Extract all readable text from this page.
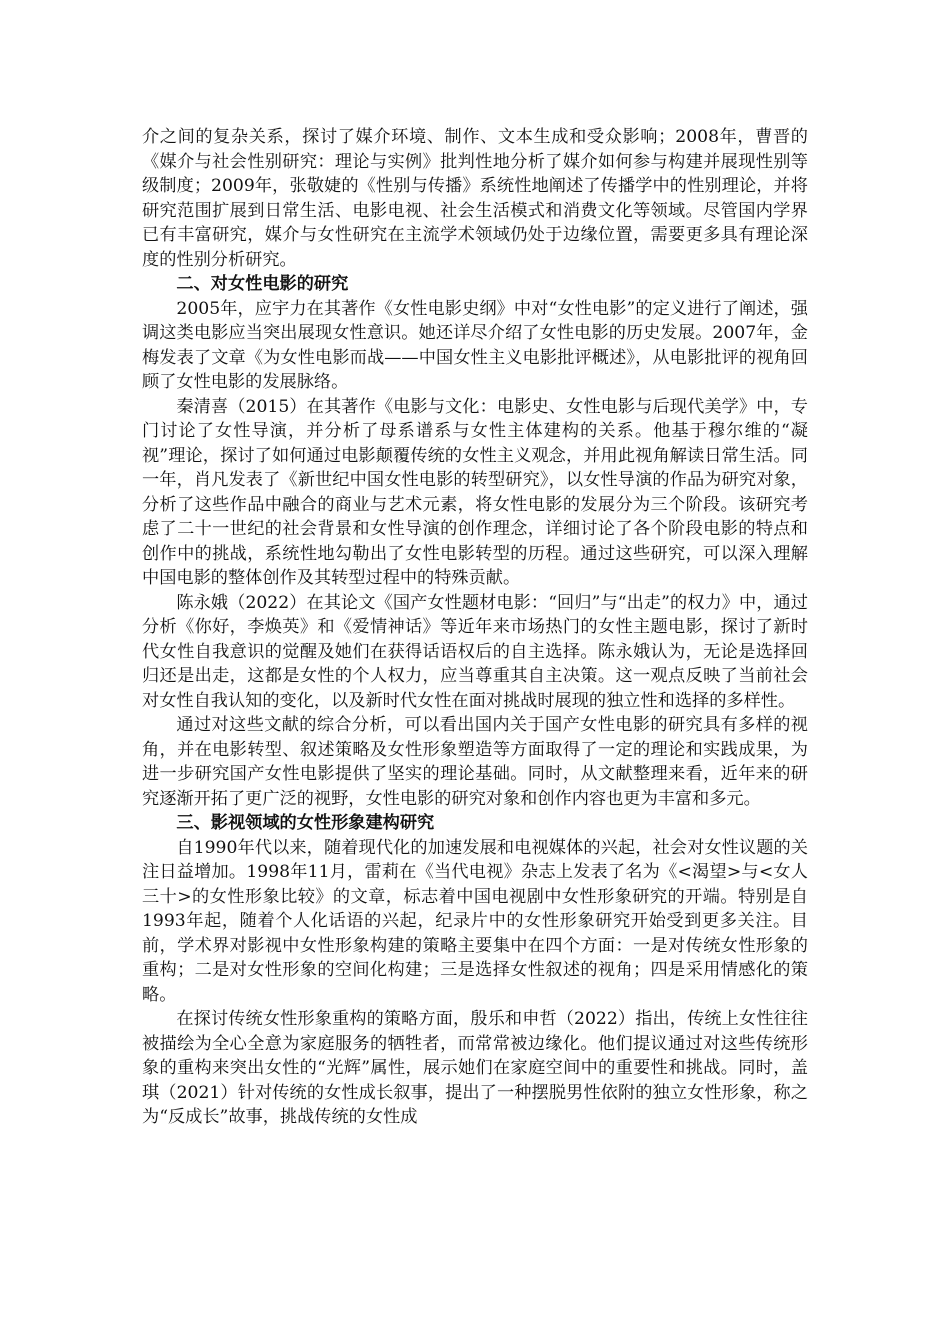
介之间的复杂关系，探讨了媒介环境、制作、文本生成和受众影响；2008年，曹晋的《媒介与社会性别研究：理论与实例》批判性地分析了媒介如何参与构建并展现性别等级制度；2009年，张敬婕的《性别与传播》系统性地阐述了传播学中的性别理论，并将研究范围扩展到日常生活、电影电视、社会生活模式和消费文化等领域。尽管国内学界已有丰富研究，媒介与女性研究在主流学术领域仍处于边缘位置，需要更多具有理论深度的性别分析研究。

二、对女性电影的研究

2005年，应宇力在其著作《女性电影史纲》中对“女性电影”的定义进行了阐述，强调这类电影应当突出展现女性意识。她还详尽介绍了女性电影的历史发展。2007年，金梅发表了文章《为女性电影而战——中国女性主义电影批评概述》，从电影批评的视角回顾了女性电影的发展脉络。

秦清喜（2015）在其著作《电影与文化：电影史、女性电影与后现代美学》中，专门讨论了女性导演，并分析了母系谱系与女性主体建构的关系。他基于穆尔维的“凝视”理论，探讨了如何通过电影颠覆传统的女性主义观念，并用此视角解读日常生活。同一年，肖凡发表了《新世纪中国女性电影的转型研究》，以女性导演的作品为研究对象，分析了这些作品中融合的商业与艺术元素，将女性电影的发展分为三个阶段。该研究考虑了二十一世纪的社会背景和女性导演的创作理念，详细讨论了各个阶段电影的特点和创作中的挑战，系统性地勾勒出了女性电影转型的历程。通过这些研究，可以深入理解中国电影的整体创作及其转型过程中的特殊贡献。

陈永娥（2022）在其论文《国产女性题材电影：“回归”与“出走”的权力》中，通过分析《你好，李焕英》和《爱情神话》等近年来市场热门的女性主题电影，探讨了新时代女性自我意识的觉醒及她们在获得话语权后的自主选择。陈永娥认为，无论是选择回归还是出走，这都是女性的个人权力，应当尊重其自主决策。这一观点反映了当前社会对女性自我认知的变化，以及新时代女性在面对挑战时展现的独立性和选择的多样性。

通过对这些文献的综合分析，可以看出国内关于国产女性电影的研究具有多样的视角，并在电影转型、叙述策略及女性形象塑造等方面取得了一定的理论和实践成果，为进一步研究国产女性电影提供了坚实的理论基础。同时，从文献整理来看，近年来的研究逐渐开拓了更广泛的视野，女性电影的研究对象和创作内容也更为丰富和多元。

三、影视领域的女性形象建构研究

自1990年代以来，随着现代化的加速发展和电视媒体的兴起，社会对女性议题的关注日益增加。1998年11月，雷莉在《当代电视》杂志上发表了名为《<渴望>与<女人三十>的女性形象比较》的文章，标志着中国电视剧中女性形象研究的开端。特别是自1993年起，随着个人化话语的兴起，纪录片中的女性形象研究开始受到更多关注。目前，学术界对影视中女性形象构建的策略主要集中在四个方面：一是对传统女性形象的重构；二是对女性形象的空间化构建；三是选择女性叙述的视角；四是采用情感化的策略。

在探讨传统女性形象重构的策略方面，殷乐和申哲（2022）指出，传统上女性往往被描绘为全心全意为家庭服务的牺牲者，而常常被边缘化。他们提议通过对这些传统形象的重构来突出女性的“光辉”属性，展示她们在家庭空间中的重要性和挑战。同时，盖琪（2021）针对传统的女性成长叙事，提出了一种摆脱男性依附的独立女性形象，称之为“反成长”故事，挑战传统的女性成
